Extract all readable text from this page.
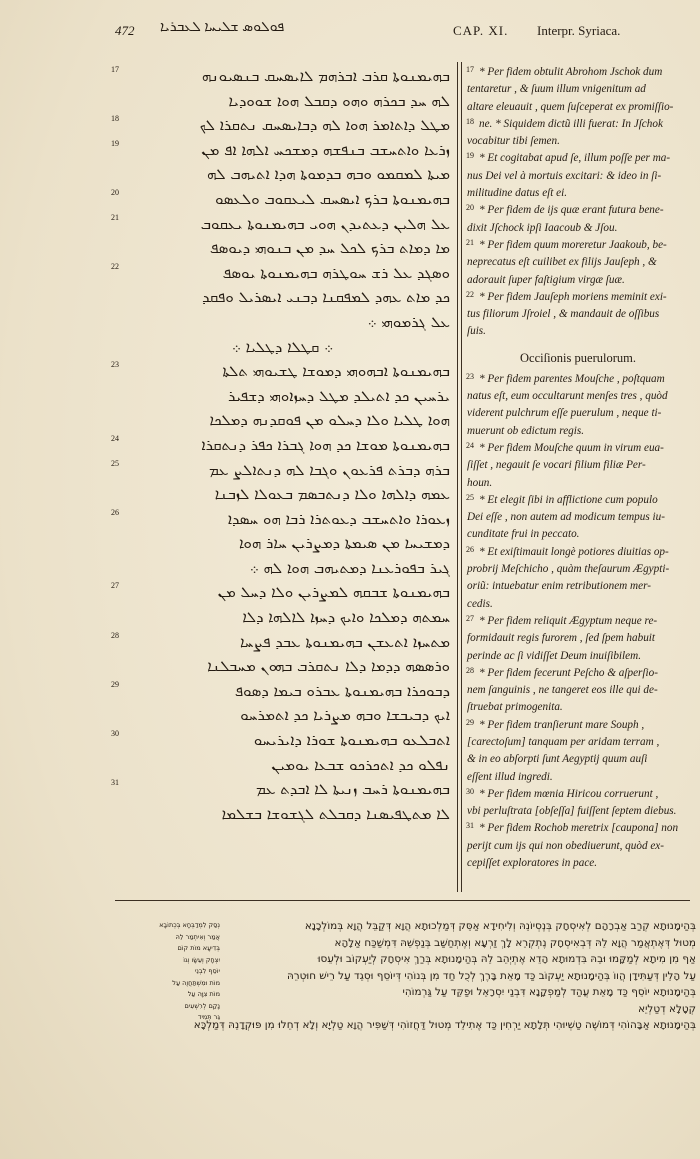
472 ܦܘܠܘܣ ܫܠܝܚܐ ܠܥܒܪܝܐ	CAP. XI. Interpr. Syriaca.
ܒܗܝܡܢܘܬܐ ܩܪܒ ܐܒܪܗܡ ܠܐܝܣܚܩ ܒܢܣܝܘܢܗ
17
ܠܗ ܚܕ ܒܟܪܗ ܘܗܘ ܕܩܒܠ ܗܘܐ ܫܘܘܕܝܐ
ܡܛܠ ܕܐܬܐܡܪ ܗܘܐ ܠܗ ܕܒܐܝܣܚܩ ܢܬܩܪܐ ܠܟ
18
ܙܪܥܐ ܘܐܬܚܫܒ ܒܢܦܫܗ ܕܡܫܟܚ ܐܠܗܐ ܐܦ ܡܢ
19
ܡܝܬܐ ܠܡܩܡܘ ܘܒܗ ܒܕܡܘܬܐ ܗܕܐ ܐܬܝܗܒ ܠܗ
ܒܗܝܡܢܘܬܐ ܒܪܟ ܐܝܣܚܩ ܠܝܥܩܘܒ ܘܠܥܣܘ
20
ܥܠ ܗܠܝܢ ܕܥܬܝܕܢ ܗܘܝ ܒܗܝܡܢܘܬܐ ܝܥܩܘܒ
21
ܡܐ ܕܡܐܬ ܒܪܟ ܠܟܠ ܚܕ ܡܢ ܒܢܘܗܝ ܕܝܘܣܦ
ܘܣܓܕ ܥܠ ܪܫ ܚܘܛܪܗ ܒܗܝܡܢܘܬܐ ܝܘܣܦ
22
ܟܕ ܡܐܬ ܥܗܕ ܠܡܦܩܢܐ ܕܒܢܝ ܐܝܣܪܝܠ ܘܦܩܕ
ܥܠ ܓܪܡܘܗܝ ܀
܀ ܩܛܠܐ ܕܛܠܝܐ ܀
ܒܗܝܡܢܘܬܐ ܐܒܗܘܗܝ ܕܡܘܫܐ ܛܫܝܘܗܝ ܬܠܬܐ
23
ܝܪܚܝܢ ܟܕ ܐܬܝܠܕ ܡܛܠ ܕܚܙܐܘܗܝ ܕܫܦܝܪ
ܗܘܐ ܛܠܝܐ ܘܠܐ ܕܚܠܘ ܡܢ ܦܘܩܕܢܗ ܕܡܠܟܐ
ܒܗܝܡܢܘܬܐ ܡܘܫܐ ܟܕ ܗܘܐ ܓܒܪܐ ܟܦܪ ܕܢܬܩܪܐ
24
ܒܪܗ ܕܒܪܬ ܦܪܥܘܢ ܘܓܒܐ ܠܗ ܕܢܬܐܠܨ ܥܡ
25
ܥܡܗ ܕܐܠܗܐ ܘܠܐ ܕܢܬܒܣܡ ܒܥܘܠܐ ܠܙܒܢܐ
ܙܥܘܪܐ ܘܐܬܚܫܒ ܕܥܘܬܪܐ ܪܒܐ ܗܘ ܚܣܕܐ
26
ܕܡܫܝܚܐ ܡܢ ܣܝܡܬܐ ܕܡܨܪܝܢ ܚܐܪ ܗܘܐ
ܓܝܪ ܒܦܘܪܥܢܐ ܕܡܬܝܗܒ ܗܘܐ ܠܗ ܀
ܒܗܝܡܢܘܬܐ ܫܒܩܗ ܠܡܨܪܝܢ ܘܠܐ ܕܚܠ ܡܢ
27
ܚܡܬܗ ܕܡܠܟܐ ܘܐܝܟ ܕܚܙܐ ܠܐܠܗܐ ܕܠܐ
ܡܬܚܙܐ ܐܬܥܫܢ ܒܗܝܡܢܘܬܐ ܥܒܕ ܦܨܚܐ
28
ܘܪܣܣܗ ܕܕܡܐ ܕܠܐ ܢܬܩܪܒ ܒܗܘܢ ܡܚܒܠܢܐ
ܕܒܘܟܪܐ ܒܗܝܡܢܘܬܐ ܥܒܪܘ ܒܝܡܐ ܕܣܘܦ
29
ܐܝܟ ܕܒܝܒܫܐ ܘܒܗ ܡܨܪܝܐ ܟܕ ܐܬܡܪܚܘ
ܐܬܒܠܥܘ ܒܗܝܡܢܘܬܐ ܫܘܪܐ ܕܐܝܪܝܚܘ
30
ܢܦܠܘ ܟܕ ܐܬܟܪܟܘ ܫܒܥܐ ܝܘܡܝܢ
ܒܗܝܡܢܘܬܐ ܪܚܒ ܙܢܝܬܐ ܠܐ ܐܒܕܬ ܥܡ
31
ܠܐ ܡܬܛܦܝܣܢܐ ܕܩܒܠܬ ܠܓܫܘܫܐ ܒܫܠܡܐ
17 * Per fidem obtulit Abrohom Jschok dum
tentaretur , & ſuum illum vnigenitum ad
altare eleuauit , quem ſuſceperat ex promiſſio-
18 ne. * Siquidem dictũ illi fuerat: In Jſchok
vocabitur tibi ſemen.
19 * Et cogitabat apud ſe, illum poſſe per ma-
nus Dei vel à mortuis excitari: & ideo in ſi-
militudine datus eſt ei.
20 * Per fidem de ijs quæ erant futura bene-
dixit Jſchock ipſi Iaacoub & Jſou.
21 * Per fidem quum moreretur Jaakoub, be-
neprecatus eſt cuilibet ex filijs Jauſeph , &
adorauit ſuper faſtigium virgæ ſuæ.
22 * Per fidem Jauſeph moriens meminit exi-
tus filiorum Jſroiel , & mandauit de oſſibus
ſuis.
Occiſionis puerulorum.
23 * Per fidem parentes Mouſche , poſtquam
natus eſt, eum occultarunt menſes tres , quòd
viderent pulchrum eſſe puerulum , neque ti-
muerunt ob edictum regis.
24 * Per fidem Mouſche quum in virum eua-
ſiſſet , negauit ſe vocari filium filiæ Per-
houn.
25 * Et elegit ſibi in afflictione cum populo
Dei eſſe , non autem ad modicum tempus iu-
cunditate frui in peccato.
26 * Et exiſtimauit longè potiores diuitias op-
probrij Meſchicho , quàm theſaurum Ægypti-
oriũ: intuebatur enim retributionem mer-
cedis.
27 * Per fidem reliquit Ægyptum neque re-
formidauit regis furorem , ſed ſpem habuit
perinde ac ſi vidiſſet Deum inuiſibilem.
28 * Per fidem fecerunt Peſcho & aſperſio-
nem ſanguinis , ne tangeret eos ille qui de-
ſtruebat primogenita.
29 * Per fidem tranſierunt mare Souph ,
[carectoſum] tanquam per aridam terram ,
& in eo abſorpti ſunt Aegyptij quum auſi
eſſent illud ingredi.
30 * Per fidem mœnia Hiricou corruerunt ,
vbi perluſtrata [obſeſſa] fuiſſent ſeptem diebus.
31 * Per fidem Rochob meretrix [caupona] non
perijt cum ijs qui non obediuerunt, quòd ex-
cepiſſet exploratores in pace.
נְסַק לִמְדַבְּחָא בְּכְתוֹבָא
אֲמַר וְאִיתְמַר לֵהּ
בְּדִיעָא מוֹת קוֹם
יִצְחָק וְעֵשָׂו וְגוֹ
יוֹסֵף לִבְנֵי
מוֹת וּמִשְׁתַּחֲוֶה עַל
מוֹת צִוָּה עַל
נָקַם לְרִשְׁעִים
גֵּר תְּמִיד
בְּהַימָנוּתָא קְרַב אַבְרָהָם לְאִיסְחָק בְּנֶסְיוֹנֵהּ וְלִיחִידָא אַסֵּק דְּמַלְכוּתָא הֲוָא דְּקַבֵּל הֲוָא בְּמוֹלְכָנָא
מְטוּל דְּאֶתְאֲמַר הֲוָא לֵהּ דְּבְאִיסְחָק נֶתְקְרֵא לָךְ זַרְעָא וְאֶתְחַשַּׁב בְּנַפְשֵׁהּ דִּמְשַׁכַּח אַלָהָא
אַף מִן מִיתָא לְמַקָּמוּ וּבֵהּ בִּדְמוּתָא הָדֵא אֶתְיְהֵב לֵהּ בְּהַימָנוּתָא בְּרַךְ אִיסְחָק לְיַעְקוֹב וּלְעֵסוּ
עַל הָלֵין דְּעַתִּידָן הֲווֹ בְּהַימָנוּתָא יַעְקוֹב כַּד מָאֵת בָּרֶךְ לְכֻל חַד מִן בְּנוֹהִי דְּיוֹסֵף וּסְגֵד עַל רֵישׁ חוּטְרֵהּ
בְּהַימָנוּתָא יוֹסֵף כַּד מָאֵת עֲהַד לְמַפְקָנָא דִּבְנַי יִסְרָאֵל וּפַקֵּד עַל גַּרְמוֹהִי
קְטָלָא דְטַלְיֵא
בְּהַימָנוּתָא אַבָּהוֹהִי דְּמוֹשֶׁה טַשְׁיוּהִי תְּלָתָא יַרְחִין כַּד אֶתִילֵד מְטוּל דַּחֲזוֹהִי דְּשַׁפִּיר הֲוָא טַלְיָא וְלָא דְחֵלוּ מִן פּוּקְדָנֵהּ דְּמַלְכָּא
